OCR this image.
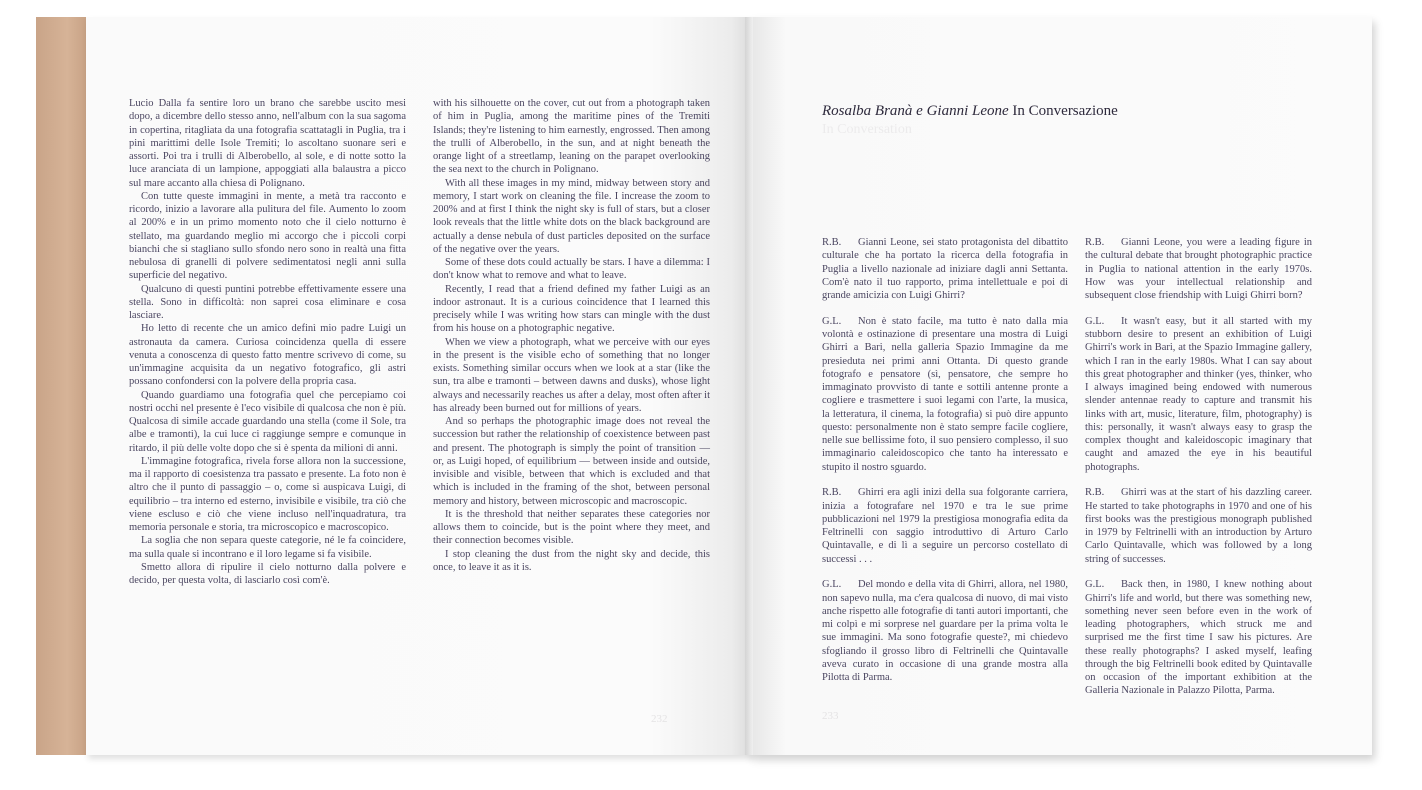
Lucio Dalla fa sentire loro un brano che sarebbe uscito mesi dopo, a dicembre dello stesso anno, nell'album con la sua sagoma in copertina, ritagliata da una fotografia scattatagli in Puglia, tra i pini marittimi delle Isole Tremiti; lo ascoltano suonare seri e assorti. Poi tra i trulli di Alberobello, al sole, e di notte sotto la luce aranciata di un lampione, appoggiati alla balaustra a picco sul mare accanto alla chiesa di Polignano.

Con tutte queste immagini in mente, a metà tra racconto e ricordo, inizio a lavorare alla pulitura del file. Aumento lo zoom al 200% e in un primo momento noto che il cielo notturno è stellato, ma guardando meglio mi accorgo che i piccoli corpi bianchi che si stagliano sullo sfondo nero sono in realtà una fitta nebulosa di granelli di polvere sedimentatosi negli anni sulla superficie del negativo.

Qualcuno di questi puntini potrebbe effettivamente essere una stella. Sono in difficoltà: non saprei cosa eliminare e cosa lasciare.

Ho letto di recente che un amico definì mio padre Luigi un astronauta da camera. Curiosa coincidenza quella di essere venuta a conoscenza di questo fatto mentre scrivevo di come, su un'immagine acquisita da un negativo fotografico, gli astri possano confondersi con la polvere della propria casa.

Quando guardiamo una fotografia quel che percepiamo coi nostri occhi nel presente è l'eco visibile di qualcosa che non è più. Qualcosa di simile accade guardando una stella (come il Sole, tra albe e tramonti), la cui luce ci raggiunge sempre e comunque in ritardo, il più delle volte dopo che si è spenta da milioni di anni.

L'immagine fotografica, rivela forse allora non la successione, ma il rapporto di coesistenza tra passato e presente. La foto non è altro che il punto di passaggio – o, come si auspicava Luigi, di equilibrio – tra interno ed esterno, invisibile e visibile, tra ciò che viene escluso e ciò che viene incluso nell'inquadratura, tra memoria personale e storia, tra microscopico e macroscopico.

La soglia che non separa queste categorie, né le fa coincidere, ma sulla quale si incontrano e il loro legame si fa visibile.

Smetto allora di ripulire il cielo notturno dalla polvere e decido, per questa volta, di lasciarlo così com'è.

with his silhouette on the cover, cut out from a photograph taken of him in Puglia, among the maritime pines of the Tremiti Islands; they're listening to him earnestly, engrossed. Then among the trulli of Alberobello, in the sun, and at night beneath the orange light of a streetlamp, leaning on the parapet overlooking the sea next to the church in Polignano.

With all these images in my mind, midway between story and memory, I start work on cleaning the file. I increase the zoom to 200% and at first I think the night sky is full of stars, but a closer look reveals that the little white dots on the black background are actually a dense nebula of dust particles deposited on the surface of the negative over the years.

Some of these dots could actually be stars. I have a dilemma: I don't know what to remove and what to leave.

Recently, I read that a friend defined my father Luigi as an indoor astronaut. It is a curious coincidence that I learned this precisely while I was writing how stars can mingle with the dust from his house on a photographic negative.

When we view a photograph, what we perceive with our eyes in the present is the visible echo of something that no longer exists. Something similar occurs when we look at a star (like the sun, tra albe e tramonti – between dawns and dusks), whose light always and necessarily reaches us after a delay, most often after it has already been burned out for millions of years.

And so perhaps the photographic image does not reveal the succession but rather the relationship of coexistence between past and present. The photograph is simply the point of transition — or, as Luigi hoped, of equilibrium — between inside and outside, invisible and visible, between that which is excluded and that which is included in the framing of the shot, between personal memory and history, between microscopic and macroscopic.

It is the threshold that neither separates these categories nor allows them to coincide, but is the point where they meet, and their connection becomes visible.

I stop cleaning the dust from the night sky and decide, this once, to leave it as it is.

232
Rosalba Branà e Gianni Leone In Conversazione
In Conversation

R.B. Gianni Leone, sei stato protagonista del dibattito culturale che ha portato la ricerca della fotografia in Puglia a livello nazionale ad iniziare dagli anni Settanta. Com'è nato il tuo rapporto, prima intellettuale e poi di grande amicizia con Luigi Ghirri?

G.L. Non è stato facile, ma tutto è nato dalla mia volontà e ostinazione di presentare una mostra di Luigi Ghirri a Bari, nella galleria Spazio Immagine da me presieduta nei primi anni Ottanta. Di questo grande fotografo e pensatore (sì, pensatore, che sempre ho immaginato provvisto di tante e sottili antenne pronte a cogliere e trasmettere i suoi legami con l'arte, la musica, la letteratura, il cinema, la fotografia) si può dire appunto questo: personalmente non è stato sempre facile cogliere, nelle sue bellissime foto, il suo pensiero complesso, il suo immaginario caleidoscopico che tanto ha interessato e stupito il nostro sguardo.

R.B. Ghirri era agli inizi della sua folgorante carriera, inizia a fotografare nel 1970 e tra le sue prime pubblicazioni nel 1979 la prestigiosa monografia edita da Feltrinelli con saggio introduttivo di Arturo Carlo Quintavalle, e di lì a seguire un percorso costellato di successi . . .

G.L. Del mondo e della vita di Ghirri, allora, nel 1980, non sapevo nulla, ma c'era qualcosa di nuovo, di mai visto anche rispetto alle fotografie di tanti autori importanti, che mi colpì e mi sorprese nel guardare per la prima volta le sue immagini. Ma sono fotografie queste?, mi chiedevo sfogliando il grosso libro di Feltrinelli che Quintavalle aveva curato in occasione di una grande mostra alla Pilotta di Parma.

R.B. Gianni Leone, you were a leading figure in the cultural debate that brought photographic practice in Puglia to national attention in the early 1970s. How was your intellectual relationship and subsequent close friendship with Luigi Ghirri born?

G.L. It wasn't easy, but it all started with my stubborn desire to present an exhibition of Luigi Ghirri's work in Bari, at the Spazio Immagine gallery, which I ran in the early 1980s. What I can say about this great photographer and thinker (yes, thinker, who I always imagined being endowed with numerous slender antennae ready to capture and transmit his links with art, music, literature, film, photography) is this: personally, it wasn't always easy to grasp the complex thought and kaleidoscopic imaginary that caught and amazed the eye in his beautiful photographs.

R.B. Ghirri was at the start of his dazzling career. He started to take photographs in 1970 and one of his first books was the prestigious monograph published in 1979 by Feltrinelli with an introduction by Arturo Carlo Quintavalle, which was followed by a long string of successes.

G.L. Back then, in 1980, I knew nothing about Ghirri's life and world, but there was something new, something never seen before even in the work of leading photographers, which struck me and surprised me the first time I saw his pictures. Are these really photographs? I asked myself, leafing through the big Feltrinelli book edited by Quintavalle on occasion of the important exhibition at the Galleria Nazionale in Palazzo Pilotta, Parma.

233
